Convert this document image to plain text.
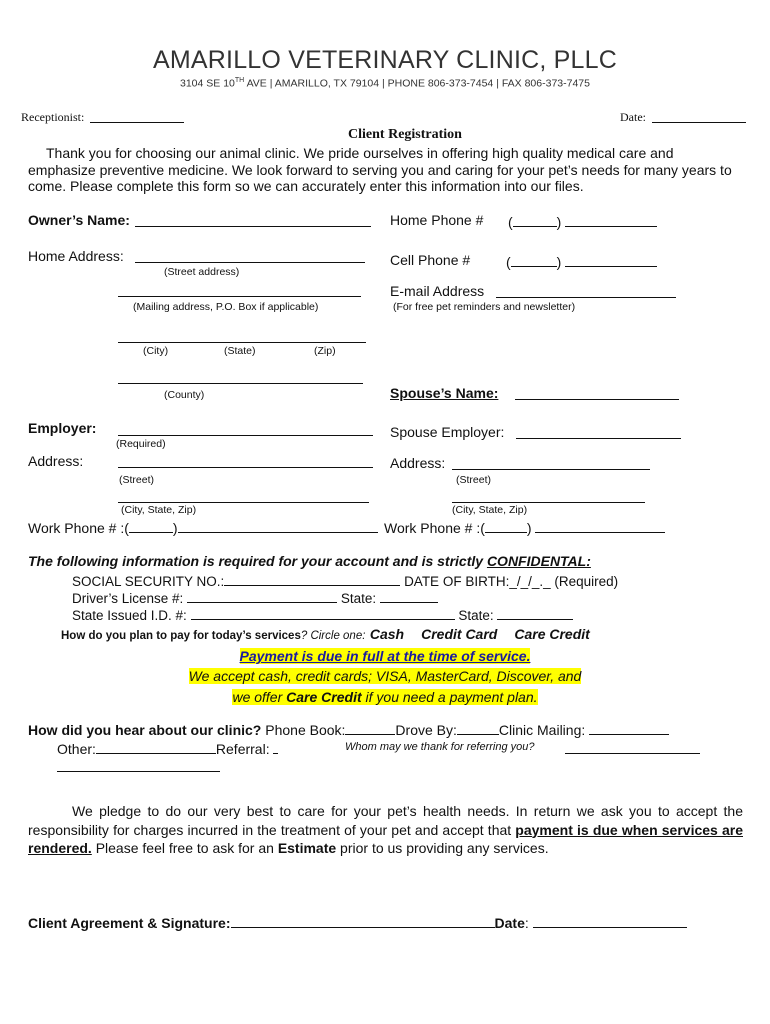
AMARILLO VETERINARY CLINIC, PLLC
3104 SE 10TH AVE | AMARILLO, TX 79104 | PHONE 806-373-7454 | FAX 806-373-7475
Receptionist:	Date:
Client Registration
Thank you for choosing our animal clinic. We pride ourselves in offering high quality medical care and emphasize preventive medicine. We look forward to serving you and caring for your pet’s needs for many years to come. Please complete this form so we can accurately enter this information into our files.
Owner’s Name:
Home Address:
(Street address)
(Mailing address, P.O. Box if applicable)
(City)	(State)	(Zip)
(County)
Employer:
(Required)
Address:
(Street)
(City, State, Zip)
Work Phone # :(	)
Home Phone # (	)
Cell Phone #	(	)
E-mail Address
(For free pet reminders and newsletter)
Spouse’s Name:
Spouse Employer:
Address:
(Street)
(City, State, Zip)
Work Phone # :(	)
The following information is required for your account and is strictly CONFIDENTAL:
SOCIAL SECURITY NO.:	DATE OF BIRTH:_/_/_._ (Required)
Driver’s License #:	State:
State Issued I.D. #:	State:
How do you plan to pay for today’s services? Circle one: Cash Credit Card Care Credit
Payment is due in full at the time of service.
We accept cash, credit cards; VISA, MasterCard, Discover, and
we offer Care Credit if you need a payment plan.
How did you hear about our clinic? Phone Book:	Drove By:	Clinic Mailing:
Other:	Referral:	Whom may we thank for referring you?
We pledge to do our very best to care for your pet’s health needs. In return we ask you to accept the responsibility for charges incurred in the treatment of your pet and accept that payment is due when services are rendered. Please feel free to ask for an Estimate prior to us providing any services.
Client Agreement & Signature:	Date:
